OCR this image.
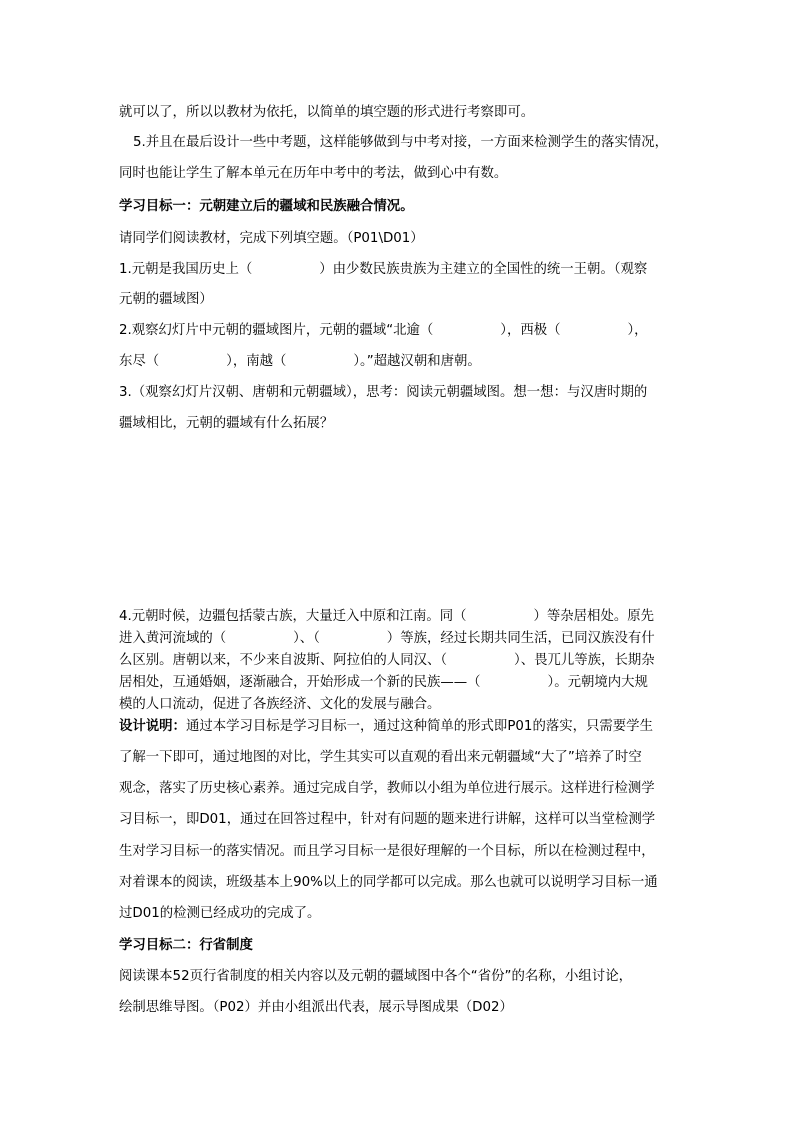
就可以了，所以以教材为依托，以简单的填空题的形式进行考察即可。
5.并且在最后设计一些中考题，这样能够做到与中考对接，一方面来检测学生的落实情况，
同时也能让学生了解本单元在历年中考中的考法，做到心中有数。
学习目标一：元朝建立后的疆域和民族融合情况。
请同学们阅读教材，完成下列填空题。（P01\D01）
1.元朝是我国历史上（　　　　　）由少数民族贵族为主建立的全国性的统一王朝。（观察
元朝的疆域图）
2.观察幻灯片中元朝的疆域图片，元朝的疆域“北逾（　　　　　），西极（　　　　　），
东尽（　　　　　），南越（　　　　　）。”超越汉朝和唐朝。
3.（观察幻灯片汉朝、唐朝和元朝疆域），思考：阅读元朝疆域图。想一想：与汉唐时期的
疆域相比，元朝的疆域有什么拓展？
4.元朝时候，边疆包括蒙古族，大量迁入中原和江南。同（　　　　　）等杂居相处。原先
进入黄河流域的（　　　　　）、（　　　　　）等族，经过长期共同生活，已同汉族没有什
么区别。唐朝以来，不少来自波斯、阿拉伯的人同汉、（　　　　　）、畏兀儿等族，长期杂
居相处，互通婚姻，逐渐融合，开始形成一个新的民族——（　　　　　）。元朝境内大规
模的人口流动，促进了各族经济、文化的发展与融合。
设计说明：通过本学习目标是学习目标一，通过这种简单的形式即P01的落实，只需要学生
了解一下即可，通过地图的对比，学生其实可以直观的看出来元朝疆域“大了”培养了时空
观念，落实了历史核心素养。通过完成自学，教师以小组为单位进行展示。这样进行检测学
习目标一，即D01，通过在回答过程中，针对有问题的题来进行讲解，这样可以当堂检测学
生对学习目标一的落实情况。而且学习目标一是很好理解的一个目标，所以在检测过程中，
对着课本的阅读，班级基本上90%以上的同学都可以完成。那么也就可以说明学习目标一通
过D01的检测已经成功的完成了。
学习目标二：行省制度
阅读课本52页行省制度的相关内容以及元朝的疆域图中各个“省份”的名称，小组讨论，
绘制思维导图。（P02）并由小组派出代表，展示导图成果（D02）
